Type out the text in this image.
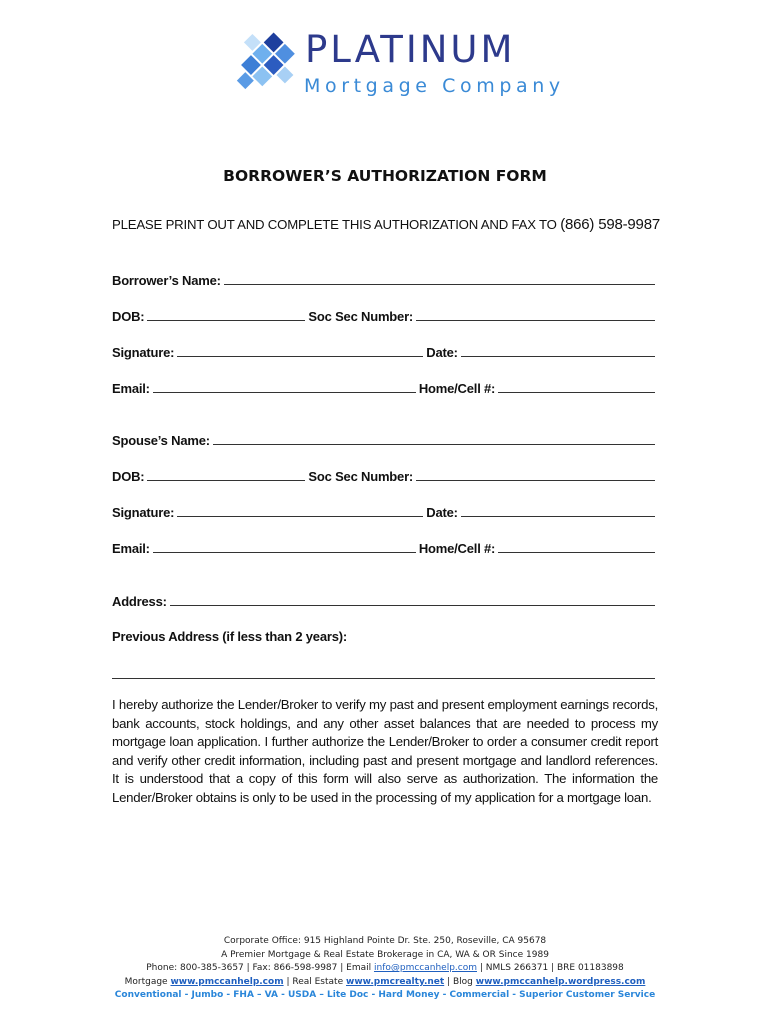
PLATINUM
Mortgage Company
BORROWER’S AUTHORIZATION FORM
PLEASE PRINT OUT AND COMPLETE THIS AUTHORIZATION AND FAX TO (866) 598-9987
Borrower’s Name:
DOB:	Soc Sec Number:
Signature:	Date:
Email:	Home/Cell #:
Spouse’s Name:
DOB:	Soc Sec Number:
Signature:	Date:
Email:	Home/Cell #:
Address:
Previous Address (if less than 2 years):
I hereby authorize the Lender/Broker to verify my past and present employment earnings records, bank accounts, stock holdings, and any other asset balances that are needed to process my mortgage loan application. I further authorize the Lender/Broker to order a consumer credit report and verify other credit information, including past and present mortgage and landlord references. It is understood that a copy of this form will also serve as authorization. The information the Lender/Broker obtains is only to be used in the processing of my application for a mortgage loan.
Corporate Office: 915 Highland Pointe Dr. Ste. 250, Roseville, CA 95678
A Premier Mortgage & Real Estate Brokerage in CA, WA & OR Since 1989
Phone: 800-385-3657 | Fax: 866-598-9987 | Email info@pmccanhelp.com | NMLS 266371 | BRE 01183898
Mortgage www.pmccanhelp.com | Real Estate www.pmcrealty.net | Blog www.pmccanhelp.wordpress.com
Conventional - Jumbo - FHA – VA - USDA – Lite Doc - Hard Money - Commercial - Superior Customer Service
